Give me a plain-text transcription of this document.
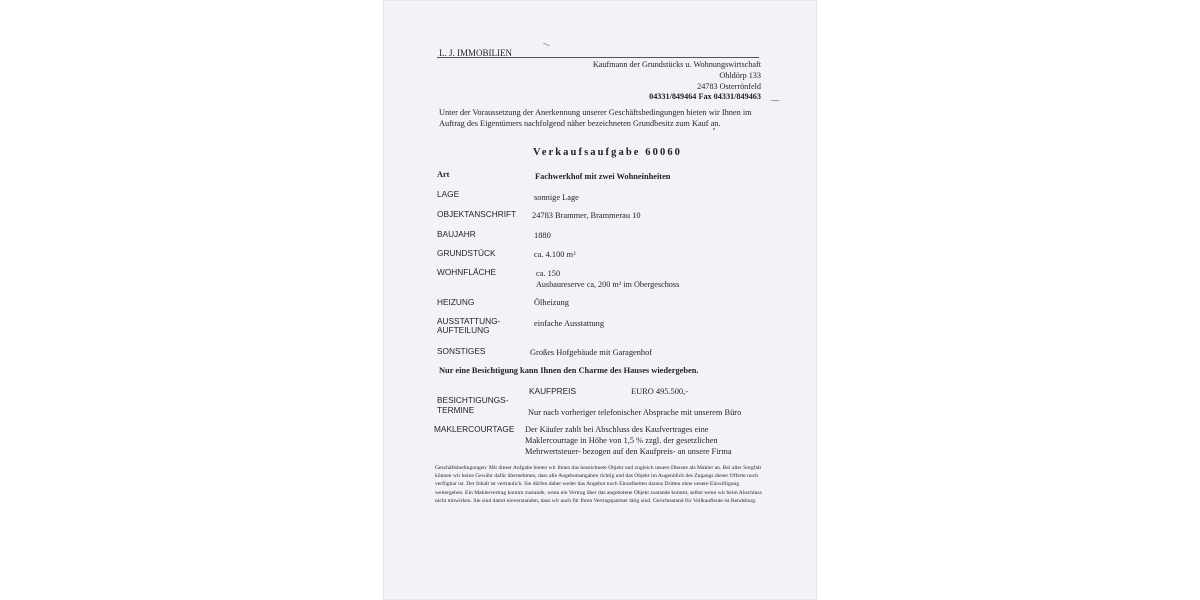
L. J. IMMOBILIEN
Kaufmann der Grundstücks u. Wohnungswirtschaft
Ohldörp 133
24783 Osterrönfeld
04331/849464 Fax 04331/849463
Unter der Voraussetzung der Anerkennung unserer Geschäftsbedingungen bieten wir Ihnen im Auftrag des Eigentümers nachfolgend näher bezeichneten Grundbesitz zum Kauf an.
Verkaufsaufgabe 60060
Art	Fachwerkhof mit zwei Wohneinheiten
LAGE	sonnige Lage
OBJEKTANSCHRIFT 24783 Brammer, Brammerau 10
BAUJAHR	1880
GRUNDSTÜCK	ca. 4.100 m²
WOHNFLÄCHE	ca. 150
Ausbaureserve ca, 200 m² im Obergeschoss
HEIZUNG	Ölheizung
AUSSTATTUNG-
AUFTEILUNG
einfache Ausstattung
SONSTIGES	Großes Hofgebäude mit Garagenhof
Nur eine Besichtigung kann Ihnen den Charme des Hauses wiedergeben.
KAUFPREIS	EURO 495.500,-
BESICHTIGUNGS-
TERMINE	Nur nach vorheriger telefonischer Absprache mit unserem Büro
MAKLERCOURTAGE Der Käufer zahlt bei Abschluss des Kaufvertrages eine
Maklercourtage in Höhe von 1,5 % zzgl. der gesetzlichen
Mehrwertsteuer- bezogen auf den Kaufpreis- an unsere Firma
Geschäftsbedingungen: Mit dieser Aufgabe bieten wir Ihnen das bezeichnete Objekt und zugleich unsere Dienste als Makler an. Bei aller Sorgfalt können wir keine Gewähr dafür übernehmen, dass alle Angebotsangaben richtig und das Objekt im Augenblick des Zugangs dieser Offerte noch verfügbar ist. Der Inhalt ist vertraulich. Sie dürfen daher weder das Angebot noch Einzelheiten daraus Dritten ohne unsere Einwilligung weitergeben. Ein Maklervertrag kommt zustande, wenn ein Vertrag über das angebotene Objekt zustande kommt, selbst wenn wir beim Abschluss nicht mitwirken. Sie sind damit einverstanden, dass wir auch für Ihren Vertragspartner tätig sind. Gerichtsstand für Vollkaufleute ist Rendsburg.
